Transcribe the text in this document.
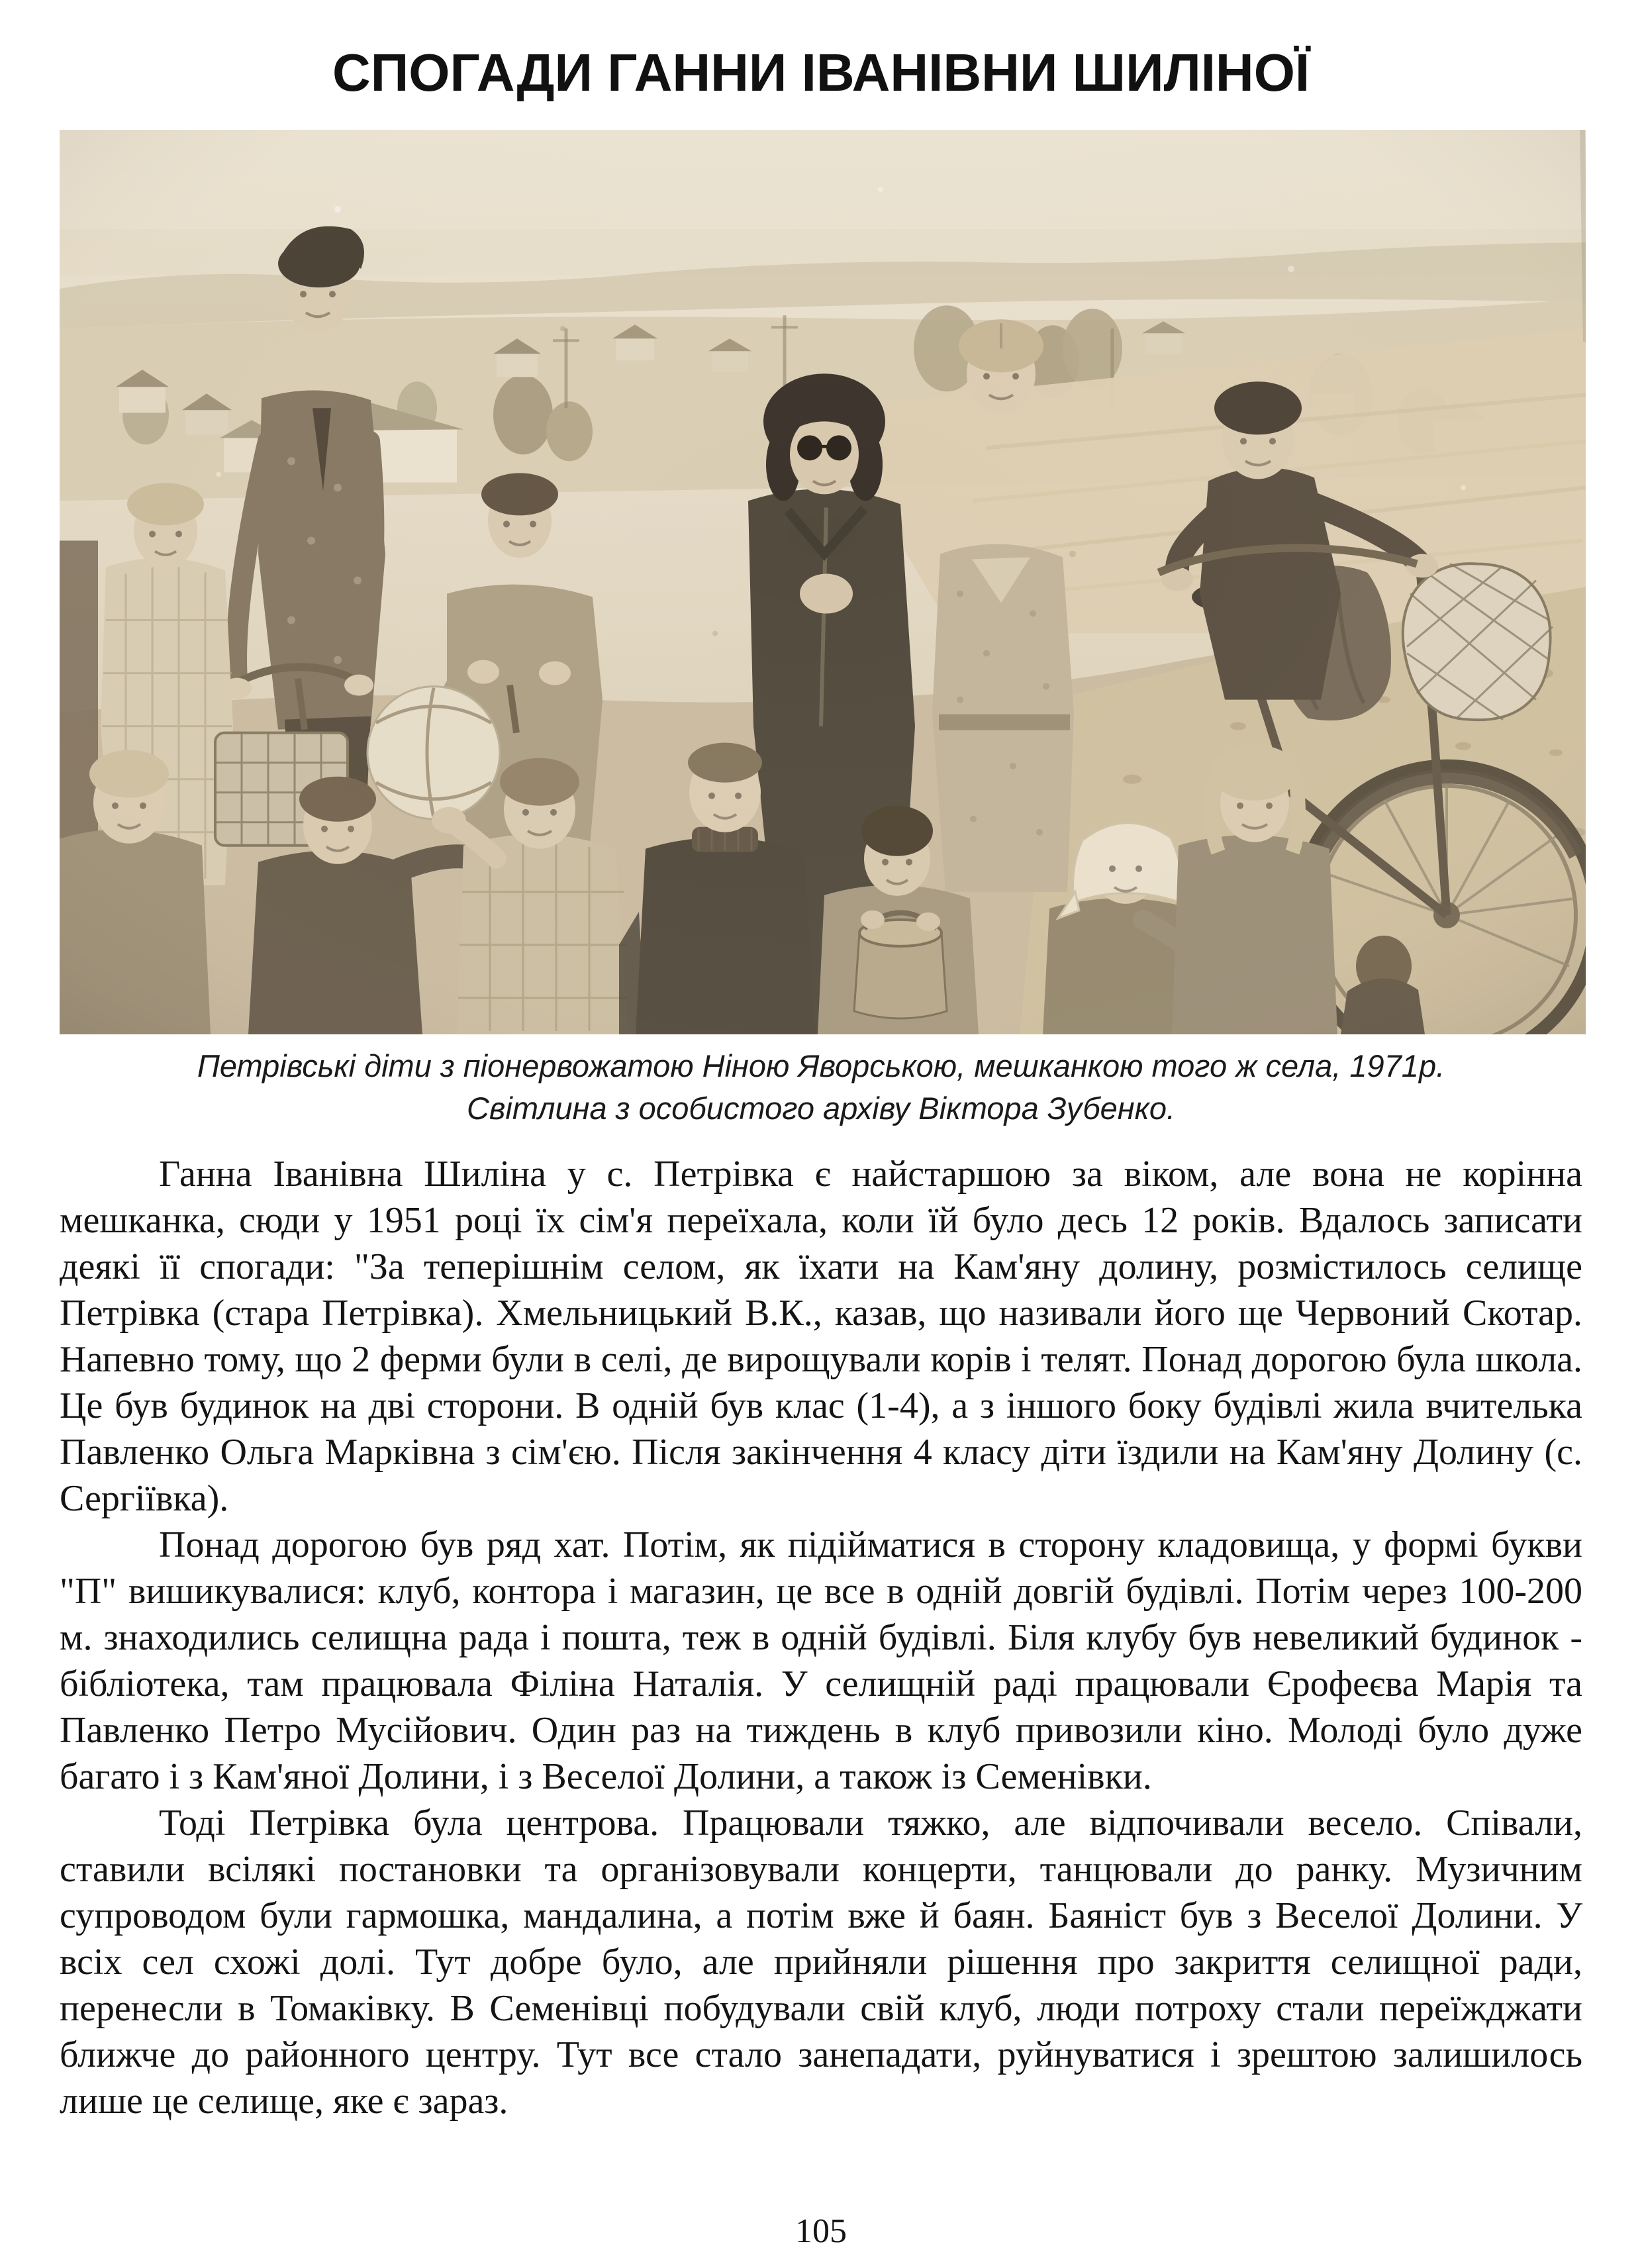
СПОГАДИ ГАННИ ІВАНІВНИ ШИЛІНОЇ
Петрівські діти з піонервожатою Ніною Яворською, мешканкою того ж села, 1971р.
Світлина з особистого архіву Віктора Зубенко.

Ганна Іванівна Шиліна у с. Петрівка є найстаршою за віком, але вона не корінна мешканка, сюди у 1951 році їх сім'я переїхала, коли їй було десь 12 років. Вдалось записати деякі її спогади: "За теперішнім селом, як їхати на Кам'яну долину, розмістилось селище Петрівка (стара Петрівка). Хмельницький В.К., казав, що називали його ще Червоний Скотар. Напевно тому, що 2 ферми були в селі, де вирощували корів і телят. Понад дорогою була школа. Це був будинок на дві сторони. В одній був клас (1-4), а з іншого боку будівлі жила вчителька Павленко Ольга Марківна з сім'єю. Після закінчення 4 класу діти їздили на Кам'яну Долину (с. Сергіївка).

Понад дорогою був ряд хат. Потім, як підійматися в сторону кладовища, у формі букви "П" вишикувалися: клуб, контора і магазин, це все в одній довгій будівлі. Потім через 100-200 м. знаходились селищна рада і пошта, теж в одній будівлі. Біля клубу був невеликий будинок - бібліотека, там працювала Філіна Наталія. У селищній раді працювали Єрофеєва Марія та Павленко Петро Мусійович. Один раз на тиждень в клуб привозили кіно. Молоді було дуже багато і з Кам'яної Долини, і з Веселої Долини, а також із Семенівки.

Тоді Петрівка була центрова. Працювали тяжко, але відпочивали весело. Співали, ставили всілякі постановки та організовували концерти, танцювали до ранку. Музичним супроводом були гармошка, мандалина, а потім вже й баян. Баяніст був з Веселої Долини. У всіх сел схожі долі. Тут добре було, але прийняли рішення про закриття селищної ради, перенесли в Томаківку. В Семенівці побудували свій клуб, люди потроху стали переїжджати ближче до районного центру. Тут все стало занепадати, руйнуватися і зрештою залишилось лише це селище, яке є зараз.

105
